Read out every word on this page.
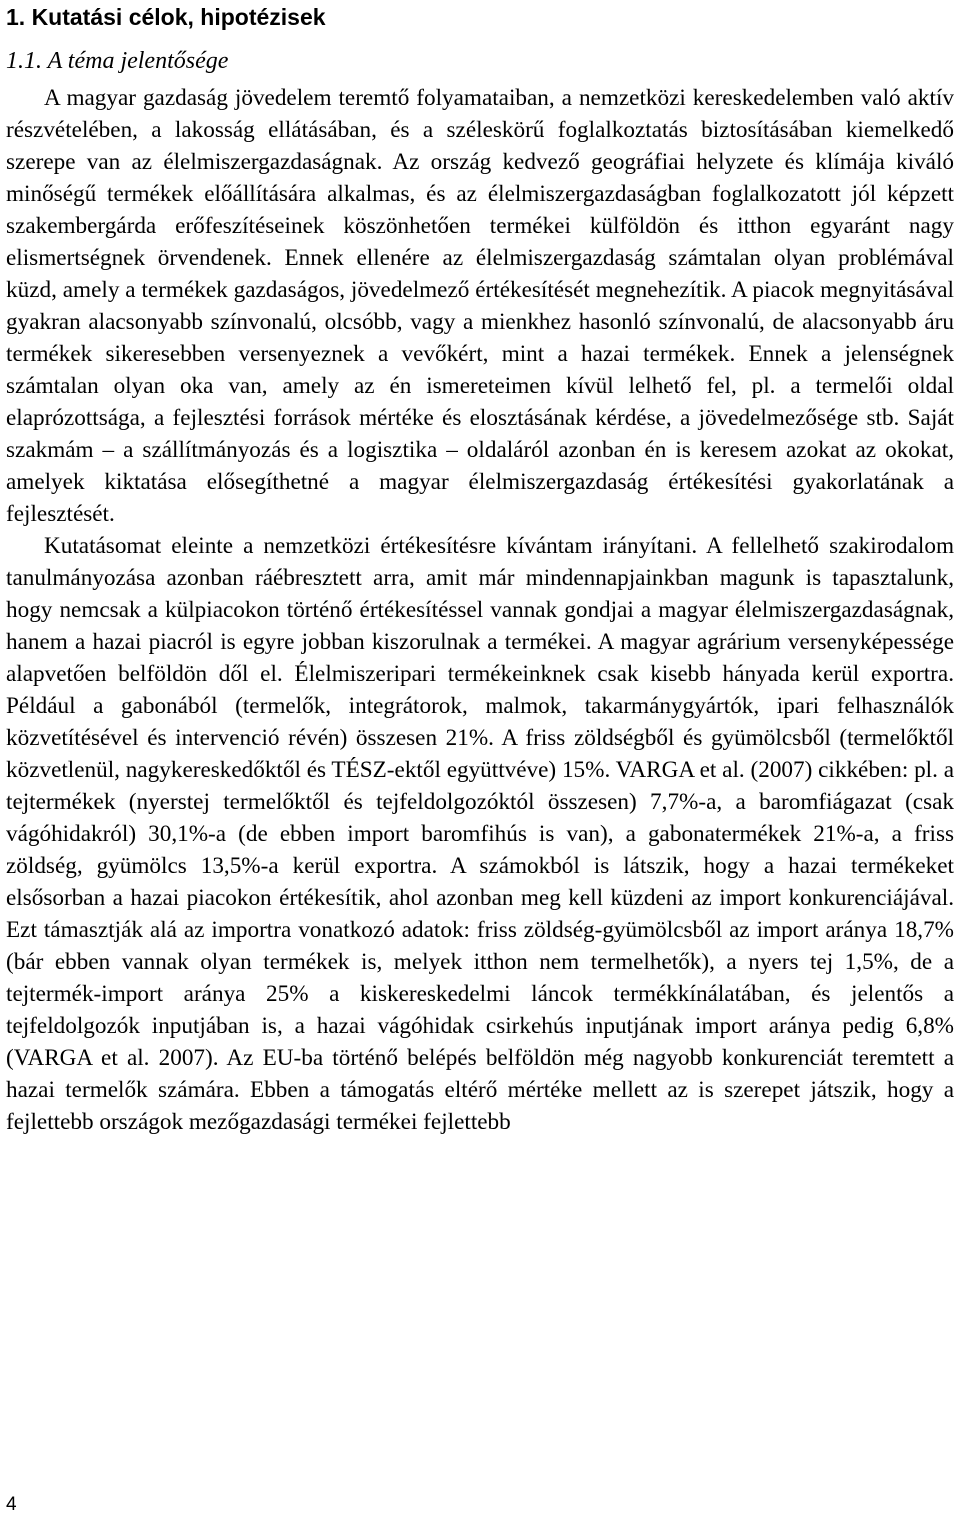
1. Kutatási célok, hipotézisek
1.1. A téma jelentősége

A magyar gazdaság jövedelem teremtő folyamataiban, a nemzetközi kereskedelemben való aktív részvételében, a lakosság ellátásában, és a széleskörű foglalkoztatás biztosításában kiemelkedő szerepe van az élelmiszergazdaságnak. Az ország kedvező geográfiai helyzete és klímája kiváló minőségű termékek előállítására alkalmas, és az élelmiszergazdaságban foglalkozatott jól képzett szakembergárda erőfeszítéseinek köszönhetően termékei külföldön és itthon egyaránt nagy elismertségnek örvendenek. Ennek ellenére az élelmiszergazdaság számtalan olyan problémával küzd, amely a termékek gazdaságos, jövedelmező értékesítését megnehezítik. A piacok megnyitásával gyakran alacsonyabb színvonalú, olcsóbb, vagy a mienkhez hasonló színvonalú, de alacsonyabb áru termékek sikeresebben versenyeznek a vevőkért, mint a hazai termékek. Ennek a jelenségnek számtalan olyan oka van, amely az én ismereteimen kívül lelhető fel, pl. a termelői oldal elaprózottsága, a fejlesztési források mértéke és elosztásának kérdése, a jövedelmezősége stb. Saját szakmám – a szállítmányozás és a logisztika – oldaláról azonban én is keresem azokat az okokat, amelyek kiktatása elősegíthetné a magyar élelmiszergazdaság értékesítési gyakorlatának a fejlesztését.

Kutatásomat eleinte a nemzetközi értékesítésre kívántam irányítani. A fellelhető szakirodalom tanulmányozása azonban ráébresztett arra, amit már mindennapjainkban magunk is tapasztalunk, hogy nemcsak a külpiacokon történő értékesítéssel vannak gondjai a magyar élelmiszergazdaságnak, hanem a hazai piacról is egyre jobban kiszorulnak a termékei. A magyar agrárium versenyképessége alapvetően belföldön dől el. Élelmiszeripari termékeinknek csak kisebb hányada kerül exportra. Például a gabonából (termelők, integrátorok, malmok, takarmánygyártók, ipari felhasználók közvetítésével és intervenció révén) összesen 21%. A friss zöldségből és gyümölcsből (termelőktől közvetlenül, nagykereskedőktől és TÉSZ-ektől együttvéve) 15%. VARGA et al. (2007) cikkében: pl. a tejtermékek (nyerstej termelőktől és tejfeldolgozóktól összesen) 7,7%-a, a baromfiágazat (csak vágóhidakról) 30,1%-a (de ebben import baromfihús is van), a gabonatermékek 21%-a, a friss zöldség, gyümölcs 13,5%-a kerül exportra. A számokból is látszik, hogy a hazai termékeket elsősorban a hazai piacokon értékesítik, ahol azonban meg kell küzdeni az import konkurenciájával. Ezt támasztják alá az importra vonatkozó adatok: friss zöldség-gyümölcsből az import aránya 18,7% (bár ebben vannak olyan termékek is, melyek itthon nem termelhetők), a nyers tej 1,5%, de a tejtermék-import aránya 25% a kiskereskedelmi láncok termékkínálatában, és jelentős a tejfeldolgozók inputjában is, a hazai vágóhidak csirkehús inputjának import aránya pedig 6,8% (VARGA et al. 2007). Az EU-ba történő belépés belföldön még nagyobb konkurenciát teremtett a hazai termelők számára. Ebben a támogatás eltérő mértéke mellett az is szerepet játszik, hogy a fejlettebb országok mezőgazdasági termékei fejlettebb

4
